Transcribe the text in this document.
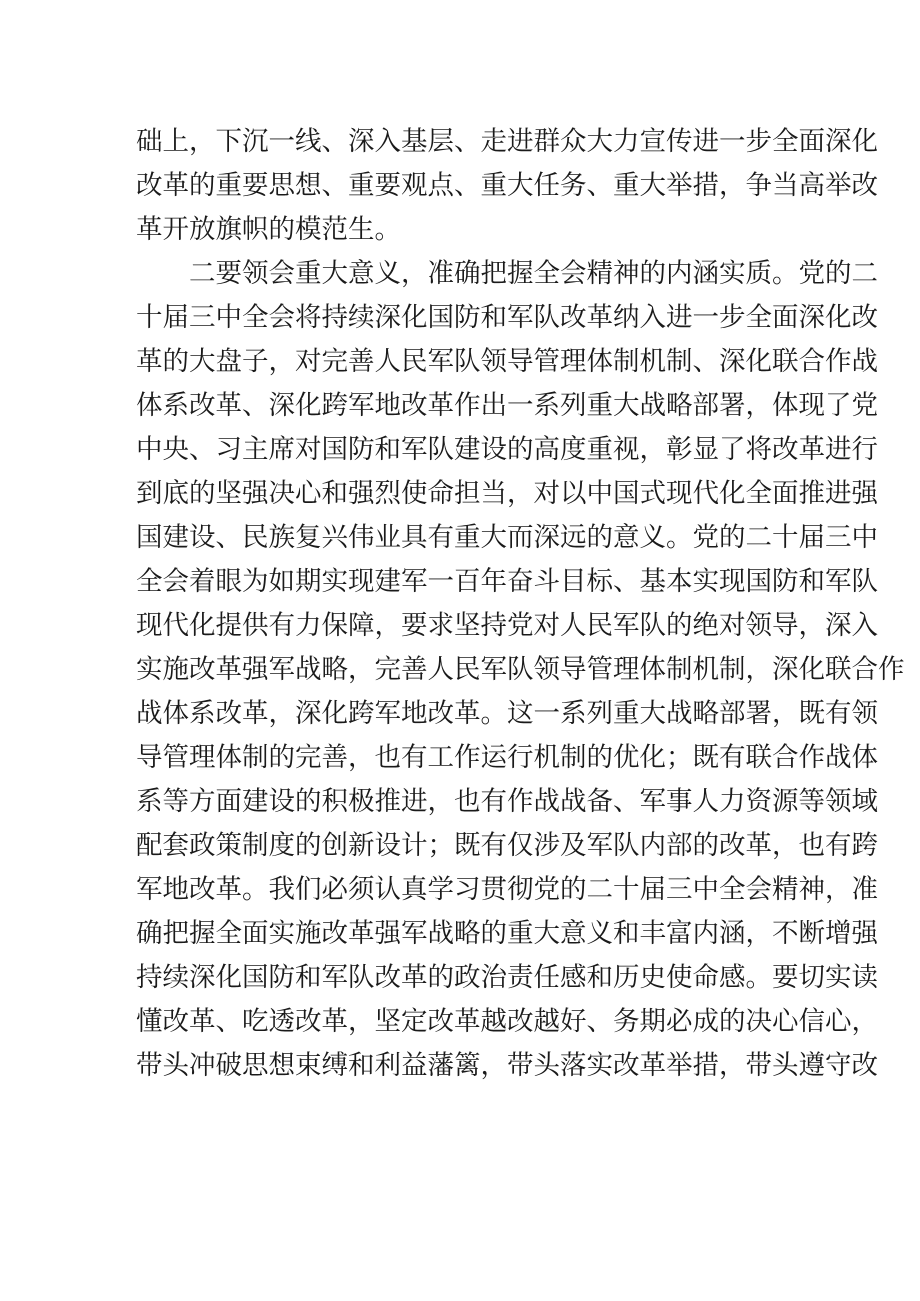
础上，下沉一线、深入基层、走进群众大力宣传进一步全面深化
改革的重要思想、重要观点、重大任务、重大举措，争当高举改
革开放旗帜的模范生。
二要领会重大意义，准确把握全会精神的内涵实质。党的二
十届三中全会将持续深化国防和军队改革纳入进一步全面深化改
革的大盘子，对完善人民军队领导管理体制机制、深化联合作战
体系改革、深化跨军地改革作出一系列重大战略部署，体现了党
中央、习主席对国防和军队建设的高度重视，彰显了将改革进行
到底的坚强决心和强烈使命担当，对以中国式现代化全面推进强
国建设、民族复兴伟业具有重大而深远的意义。党的二十届三中
全会着眼为如期实现建军一百年奋斗目标、基本实现国防和军队
现代化提供有力保障，要求坚持党对人民军队的绝对领导，深入
实施改革强军战略，完善人民军队领导管理体制机制，深化联合作
战体系改革，深化跨军地改革。这一系列重大战略部署，既有领
导管理体制的完善，也有工作运行机制的优化；既有联合作战体
系等方面建设的积极推进，也有作战战备、军事人力资源等领域
配套政策制度的创新设计；既有仅涉及军队内部的改革，也有跨
军地改革。我们必须认真学习贯彻党的二十届三中全会精神，准
确把握全面实施改革强军战略的重大意义和丰富内涵，不断增强
持续深化国防和军队改革的政治责任感和历史使命感。要切实读
懂改革、吃透改革，坚定改革越改越好、务期必成的决心信心，
带头冲破思想束缚和利益藩篱，带头落实改革举措，带头遵守改
